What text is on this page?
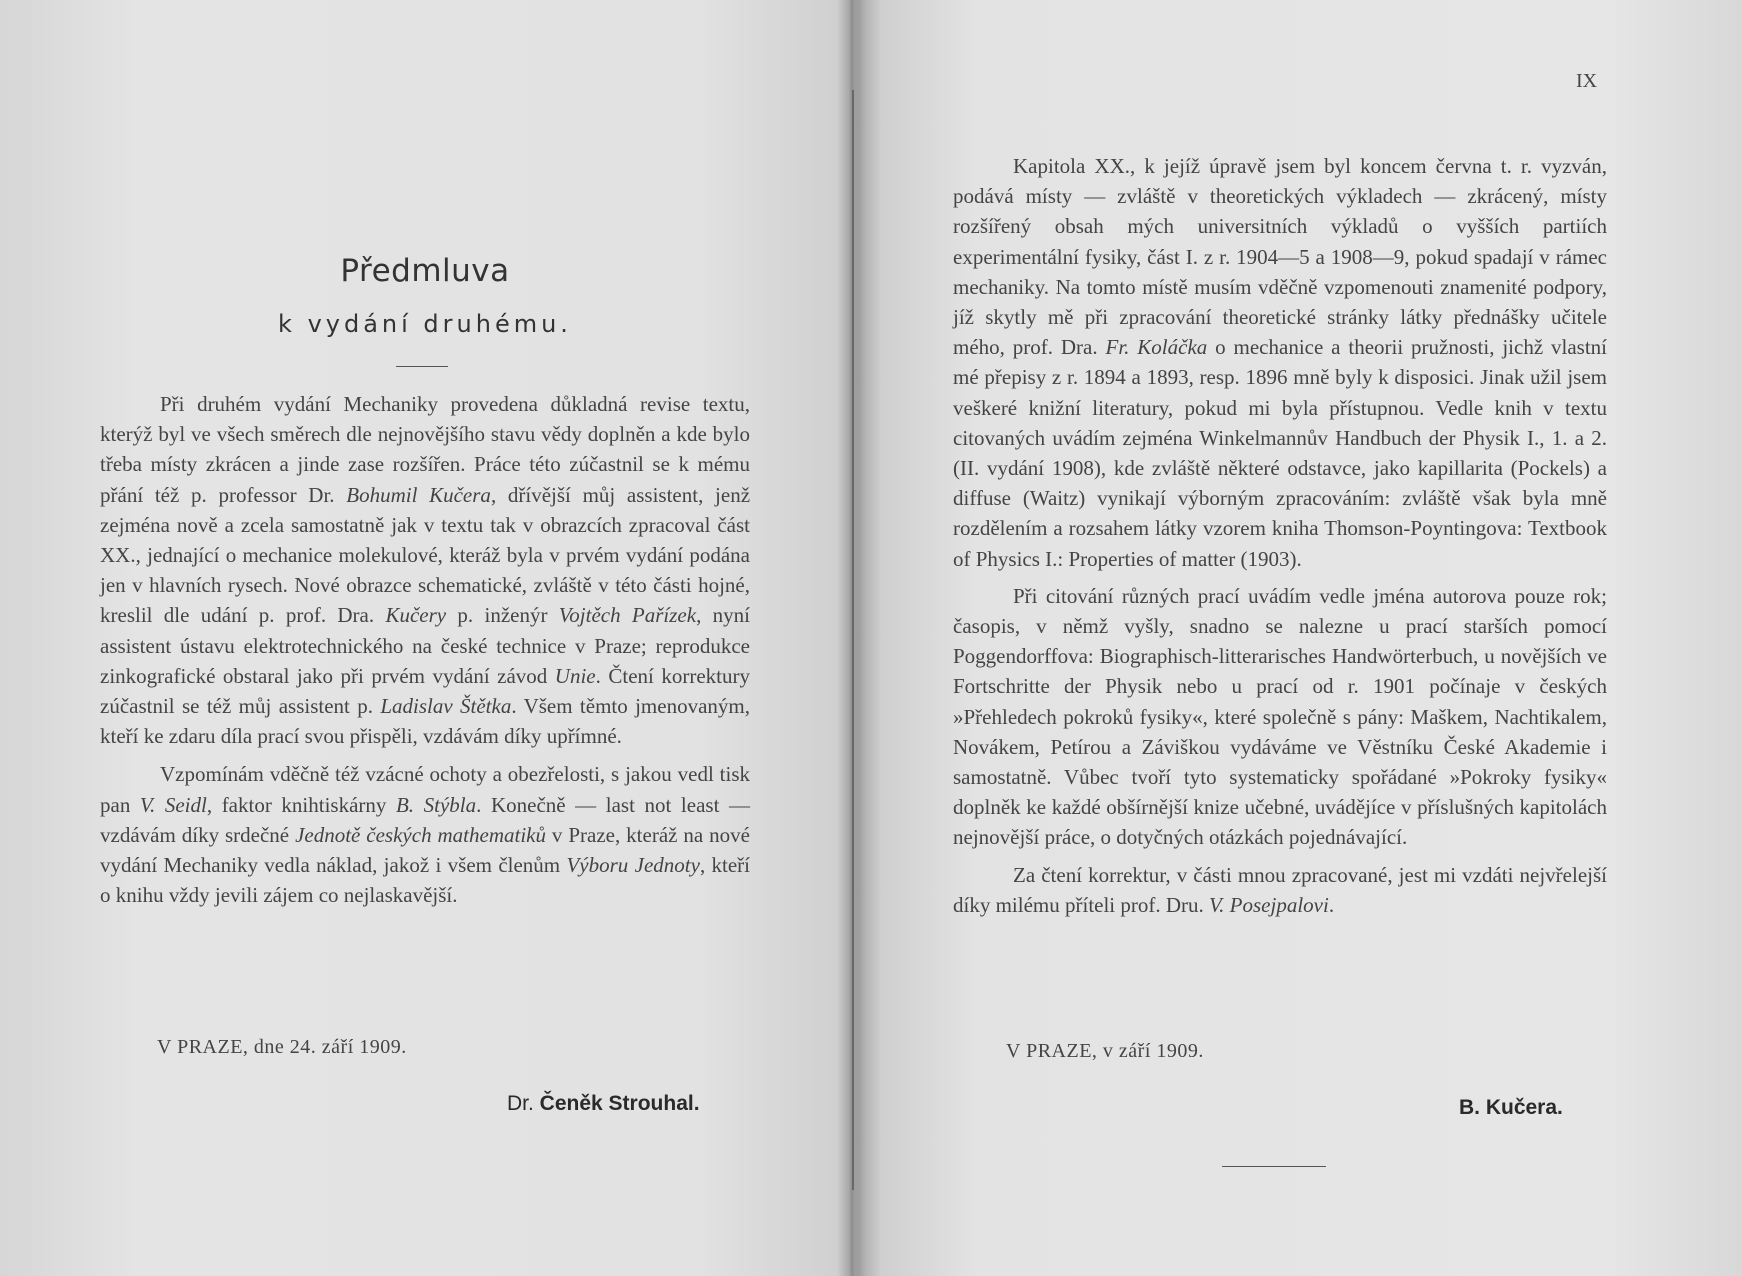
Předmluva
k vydání druhému.

Při druhém vydání Mechaniky provedena důkladná revise textu, kterýž byl ve všech směrech dle nejnovějšího stavu vědy doplněn a kde bylo třeba místy zkrácen a jinde zase rozšířen. Práce této zúčastnil se k mému přání též p. professor Dr. Bohumil Kučera, dřívější můj assistent, jenž zejména nově a zcela samostatně jak v textu tak v obrazcích zpracoval část XX., jednající o mechanice molekulové, kteráž byla v prvém vydání podána jen v hlavních rysech. Nové obrazce schematické, zvláště v této části hojné, kreslil dle udání p. prof. Dra. Kučery p. inženýr Vojtěch Pařízek, nyní assistent ústavu elektrotechnického na české technice v Praze; reprodukce zinkografické obstaral jako při prvém vydání závod Unie. Čtení korrektury zúčastnil se též můj assistent p. Ladislav Štětka. Všem těmto jmenovaným, kteří ke zdaru díla prací svou přispěli, vzdávám díky upřímné.

Vzpomínám vděčně též vzácné ochoty a obezřelosti, s jakou vedl tisk pan V. Seidl, faktor knihtiskárny B. Stýbla. Konečně — last not least — vzdávám díky srdečné Jednotě českých mathematiků v Praze, kteráž na nové vydání Mechaniky vedla náklad, jakož i všem členům Výboru Jednoty, kteří o knihu vždy jevili zájem co nejlaskavější.

V PRAZE, dne 24. září 1909.
Dr. Čeněk Strouhal.
IX

Kapitola XX., k jejíž úpravě jsem byl koncem června t. r. vyzván, podává místy — zvláště v theoretických výkladech — zkrácený, místy rozšířený obsah mých universitních výkladů o vyšších partiích experimentální fysiky, část I. z r. 1904—5 a 1908—9, pokud spadají v rámec mechaniky. Na tomto místě musím vděčně vzpomenouti znamenité podpory, jíž skytly mě při zpracování theoretické stránky látky přednášky učitele mého, prof. Dra. Fr. Koláčka o mechanice a theorii pružnosti, jichž vlastní mé přepisy z r. 1894 a 1893, resp. 1896 mně byly k disposici. Jinak užil jsem veškeré knižní literatury, pokud mi byla přístupnou. Vedle knih v textu citovaných uvádím zejména Winkelmannův Handbuch der Physik I., 1. a 2. (II. vydání 1908), kde zvláště některé odstavce, jako kapillarita (Pockels) a diffuse (Waitz) vynikají výborným zpracováním: zvláště však byla mně rozdělením a rozsahem látky vzorem kniha Thomson-Poyntingova: Textbook of Physics I.: Properties of matter (1903).

Při citování různých prací uvádím vedle jména autorova pouze rok; časopis, v němž vyšly, snadno se nalezne u prací starších pomocí Poggendorffova: Biographisch-litterarisches Handwörterbuch, u novějších ve Fortschritte der Physik nebo u prací od r. 1901 počínaje v českých »Přehledech pokroků fysiky«, které společně s pány: Maškem, Nachtikalem, Novákem, Petírou a Záviškou vydáváme ve Věstníku České Akademie i samostatně. Vůbec tvoří tyto systematicky spořádané »Pokroky fysiky« doplněk ke každé obšírnější knize učebné, uvádějíce v příslušných kapitolách nejnovější práce, o dotyčných otázkách pojednávající.

Za čtení korrektur, v části mnou zpracované, jest mi vzdáti nejvřelejší díky milému příteli prof. Dru. V. Posejpalovi.

V PRAZE, v září 1909.
B. Kučera.
